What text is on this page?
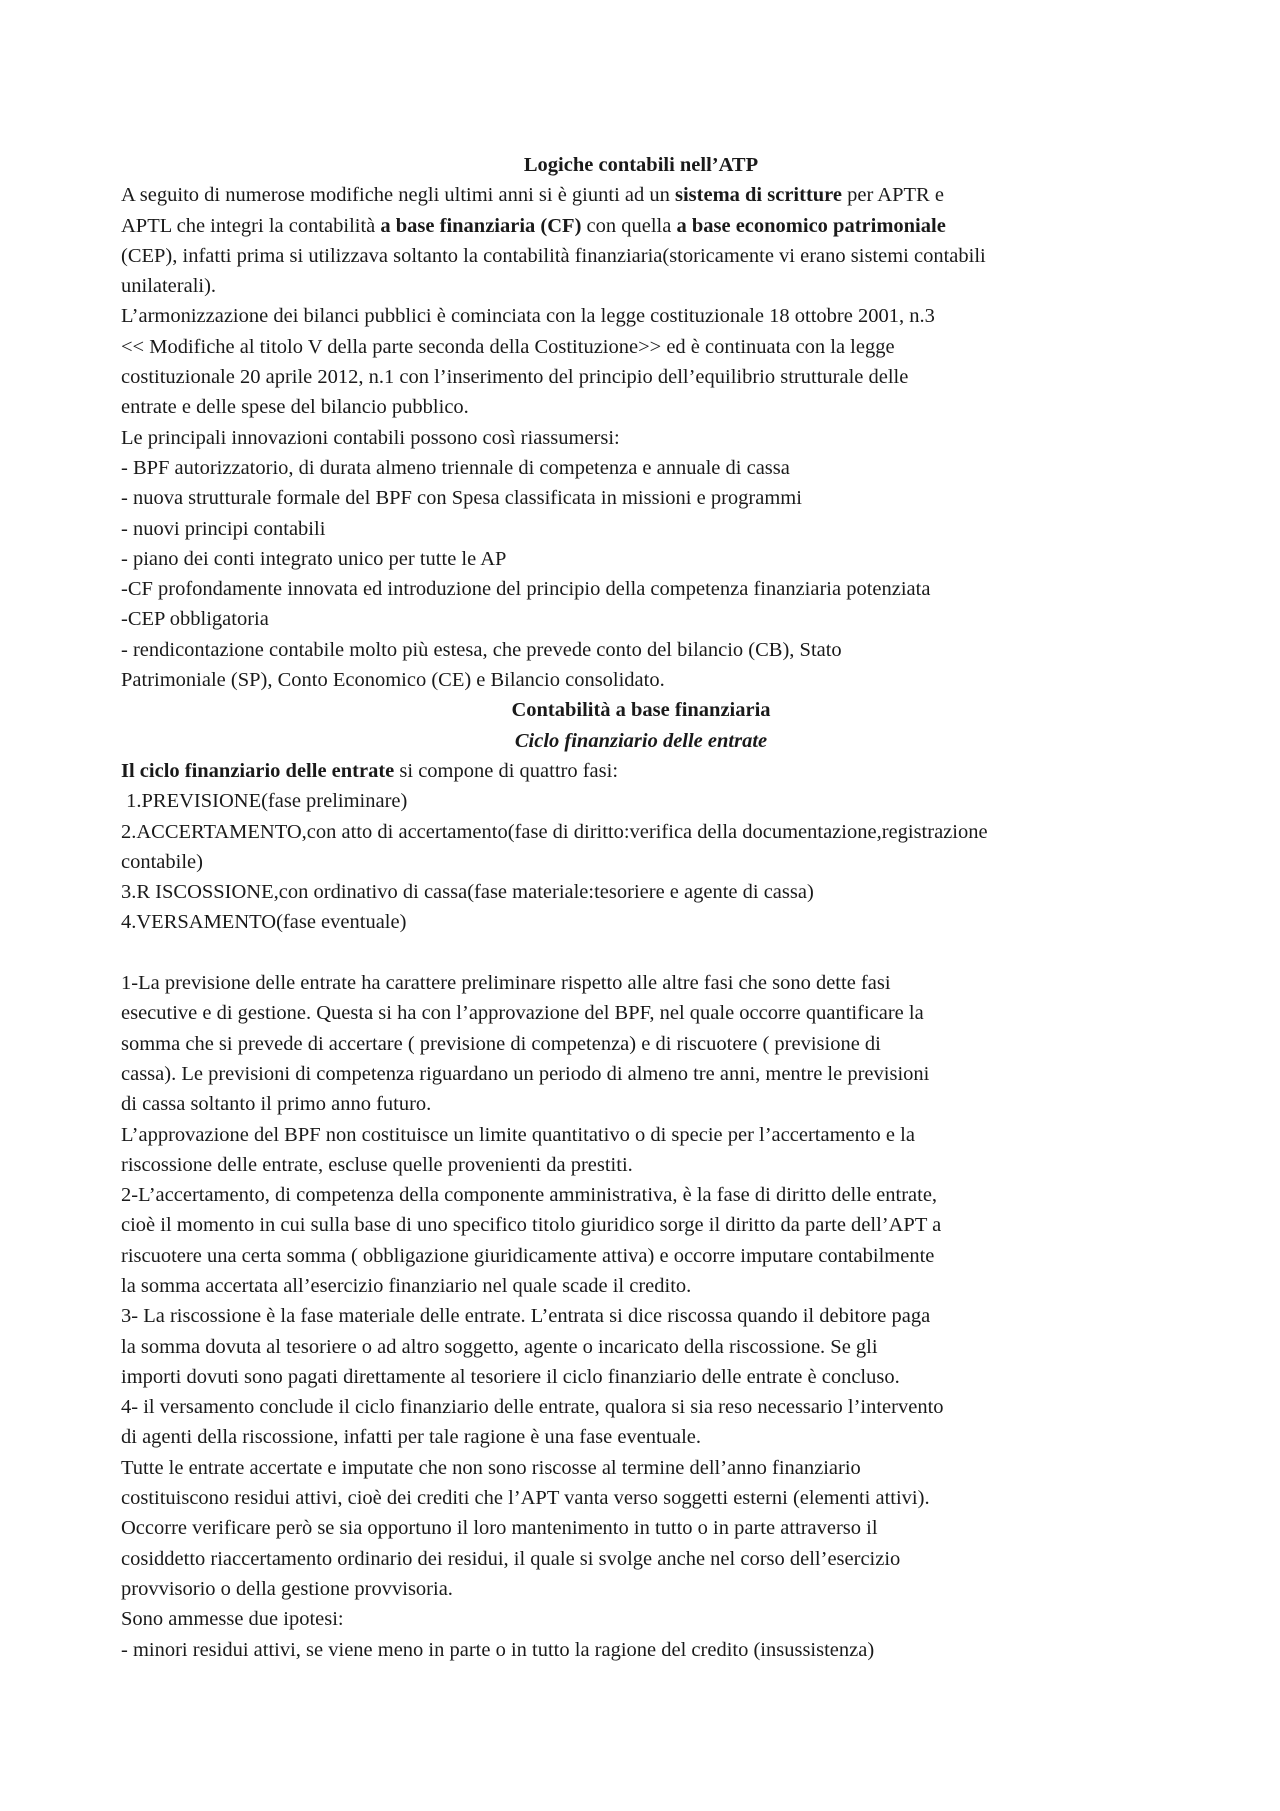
Logiche contabili nell’ATP
A seguito di numerose modifiche negli ultimi anni si è giunti ad un sistema di scritture per APTR e
APTL che integri la contabilità a base finanziaria (CF) con quella a base economico patrimoniale
(CEP), infatti prima si utilizzava soltanto la contabilità finanziaria(storicamente vi erano sistemi contabili
unilaterali).
L’armonizzazione dei bilanci pubblici è cominciata con la legge costituzionale 18 ottobre 2001, n.3
<< Modifiche al titolo V della parte seconda della Costituzione>> ed è continuata con la legge
costituzionale 20 aprile 2012, n.1 con l’inserimento del principio dell’equilibrio strutturale delle
entrate e delle spese del bilancio pubblico.
Le principali innovazioni contabili possono così riassumersi:
- BPF autorizzatorio, di durata almeno triennale di competenza e annuale di cassa
- nuova strutturale formale del BPF con Spesa classificata in missioni e programmi
- nuovi principi contabili
- piano dei conti integrato unico per tutte le AP
-CF profondamente innovata ed introduzione del principio della competenza finanziaria potenziata
-CEP obbligatoria
- rendicontazione contabile molto più estesa, che prevede conto del bilancio (CB), Stato
Patrimoniale (SP), Conto Economico (CE) e Bilancio consolidato.
Contabilità a base finanziaria
Ciclo finanziario delle entrate
Il ciclo finanziario delle entrate si compone di quattro fasi:
1.PREVISIONE(fase preliminare)
2.ACCERTAMENTO,con atto di accertamento(fase di diritto:verifica della documentazione,registrazione
contabile)
3.R ISCOSSIONE,con ordinativo di cassa(fase materiale:tesoriere e agente di cassa)
4.VERSAMENTO(fase eventuale)
1-La previsione delle entrate ha carattere preliminare rispetto alle altre fasi che sono dette fasi
esecutive e di gestione. Questa si ha con l’approvazione del BPF, nel quale occorre quantificare la
somma che si prevede di accertare ( previsione di competenza) e di riscuotere ( previsione di
cassa). Le previsioni di competenza riguardano un periodo di almeno tre anni, mentre le previsioni
di cassa soltanto il primo anno futuro.
L’approvazione del BPF non costituisce un limite quantitativo o di specie per l’accertamento e la
riscossione delle entrate, escluse quelle provenienti da prestiti.
2-L’accertamento, di competenza della componente amministrativa, è la fase di diritto delle entrate,
cioè il momento in cui sulla base di uno specifico titolo giuridico sorge il diritto da parte dell’APT a
riscuotere una certa somma ( obbligazione giuridicamente attiva) e occorre imputare contabilmente
la somma accertata all’esercizio finanziario nel quale scade il credito.
3- La riscossione è la fase materiale delle entrate. L’entrata si dice riscossa quando il debitore paga
la somma dovuta al tesoriere o ad altro soggetto, agente o incaricato della riscossione. Se gli
importi dovuti sono pagati direttamente al tesoriere il ciclo finanziario delle entrate è concluso.
4- il versamento conclude il ciclo finanziario delle entrate, qualora si sia reso necessario l’intervento
di agenti della riscossione, infatti per tale ragione è una fase eventuale.
Tutte le entrate accertate e imputate che non sono riscosse al termine dell’anno finanziario
costituiscono residui attivi, cioè dei crediti che l’APT vanta verso soggetti esterni (elementi attivi).
Occorre verificare però se sia opportuno il loro mantenimento in tutto o in parte attraverso il
cosiddetto riaccertamento ordinario dei residui, il quale si svolge anche nel corso dell’esercizio
provvisorio o della gestione provvisoria.
Sono ammesse due ipotesi:
- minori residui attivi, se viene meno in parte o in tutto la ragione del credito (insussistenza)
